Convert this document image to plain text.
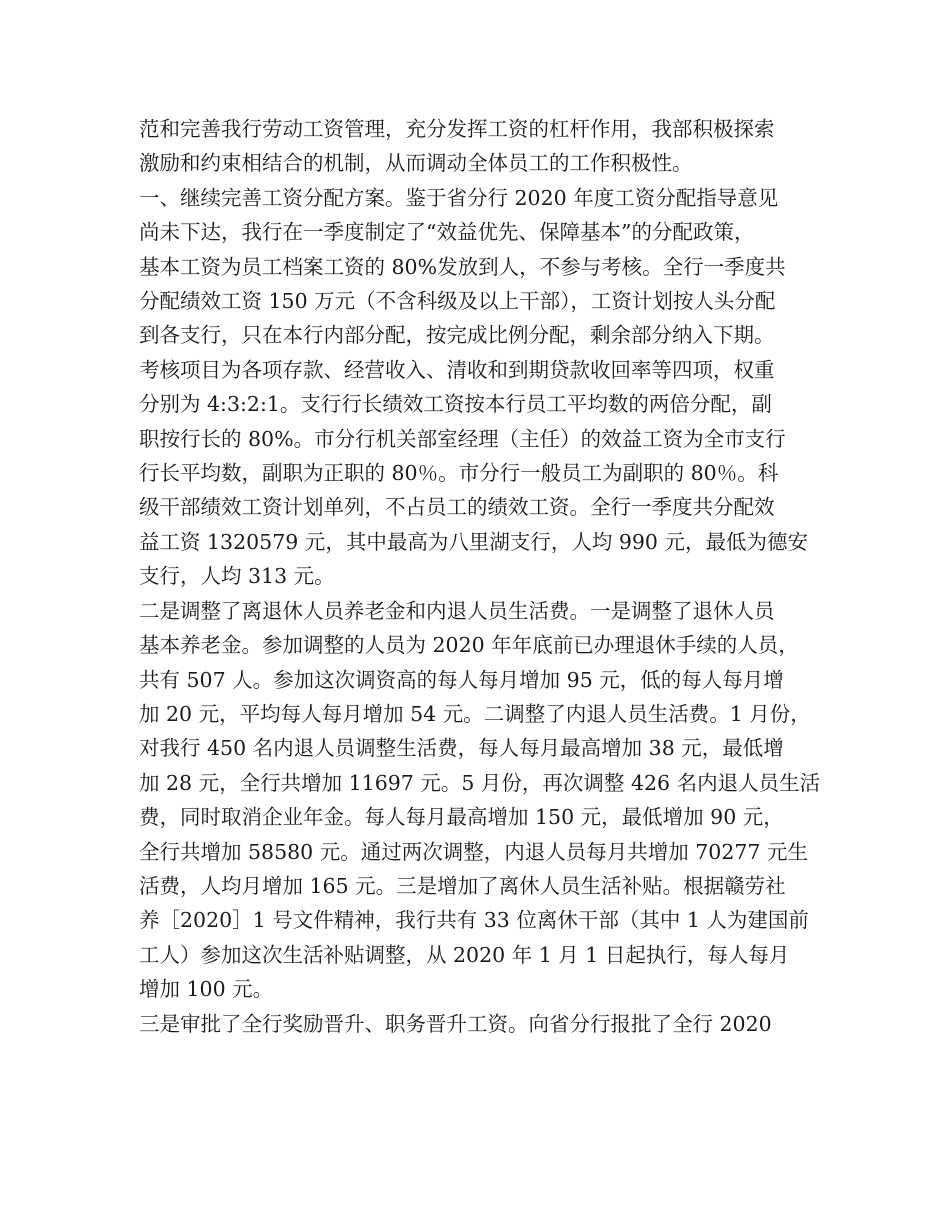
范和完善我行劳动工资管理，充分发挥工资的杠杆作用，我部积极探索

激励和约束相结合的机制，从而调动全体员工的工作积极性。

一、继续完善工资分配方案。鉴于省分行 2020 年度工资分配指导意见

尚未下达，我行在一季度制定了“效益优先、保障基本”的分配政策，

基本工资为员工档案工资的 80%发放到人，不参与考核。全行一季度共

分配绩效工资 150 万元（不含科级及以上干部），工资计划按人头分配

到各支行，只在本行内部分配，按完成比例分配，剩余部分纳入下期。

考核项目为各项存款、经营收入、清收和到期贷款收回率等四项，权重

分别为 4:3:2:1。支行行长绩效工资按本行员工平均数的两倍分配，副

职按行长的 80%。市分行机关部室经理（主任）的效益工资为全市支行

行长平均数，副职为正职的 80％。市分行一般员工为副职的 80％。科

级干部绩效工资计划单列，不占员工的绩效工资。全行一季度共分配效

益工资 1320579 元，其中最高为八里湖支行，人均 990 元，最低为德安

支行，人均 313 元。

二是调整了离退休人员养老金和内退人员生活费。一是调整了退休人员

基本养老金。参加调整的人员为 2020 年年底前已办理退休手续的人员，

共有 507 人。参加这次调资高的每人每月增加 95 元，低的每人每月增

加 20 元，平均每人每月增加 54 元。二调整了内退人员生活费。1 月份，

对我行 450 名内退人员调整生活费，每人每月最高增加 38 元，最低增

加 28 元，全行共增加 11697 元。5 月份，再次调整 426 名内退人员生活

费，同时取消企业年金。每人每月最高增加 150 元，最低增加 90 元，

全行共增加 58580 元。通过两次调整，内退人员每月共增加 70277 元生

活费，人均月增加 165 元。三是增加了离休人员生活补贴。根据赣劳社

养［2020］1 号文件精神，我行共有 33 位离休干部（其中 1 人为建国前

工人）参加这次生活补贴调整，从 2020 年 1 月 1 日起执行，每人每月

增加 100 元。

三是审批了全行奖励晋升、职务晋升工资。向省分行报批了全行 2020
